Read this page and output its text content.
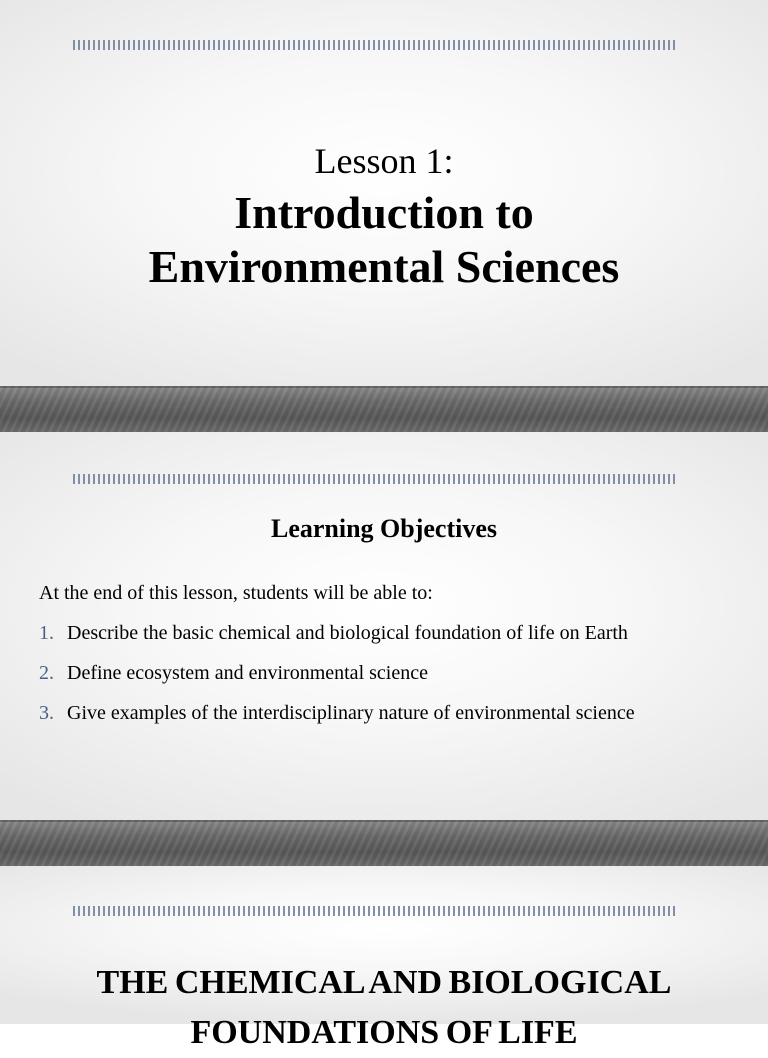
Lesson 1:
Introduction to
Environmental Sciences
Learning Objectives
At the end of this lesson, students will be able to:
1. Describe the basic chemical and biological foundation of life on Earth
2. Define ecosystem and environmental science
3. Give examples of the interdisciplinary nature of environmental science
THE CHEMICAL AND BIOLOGICAL
FOUNDATIONS OF LIFE
